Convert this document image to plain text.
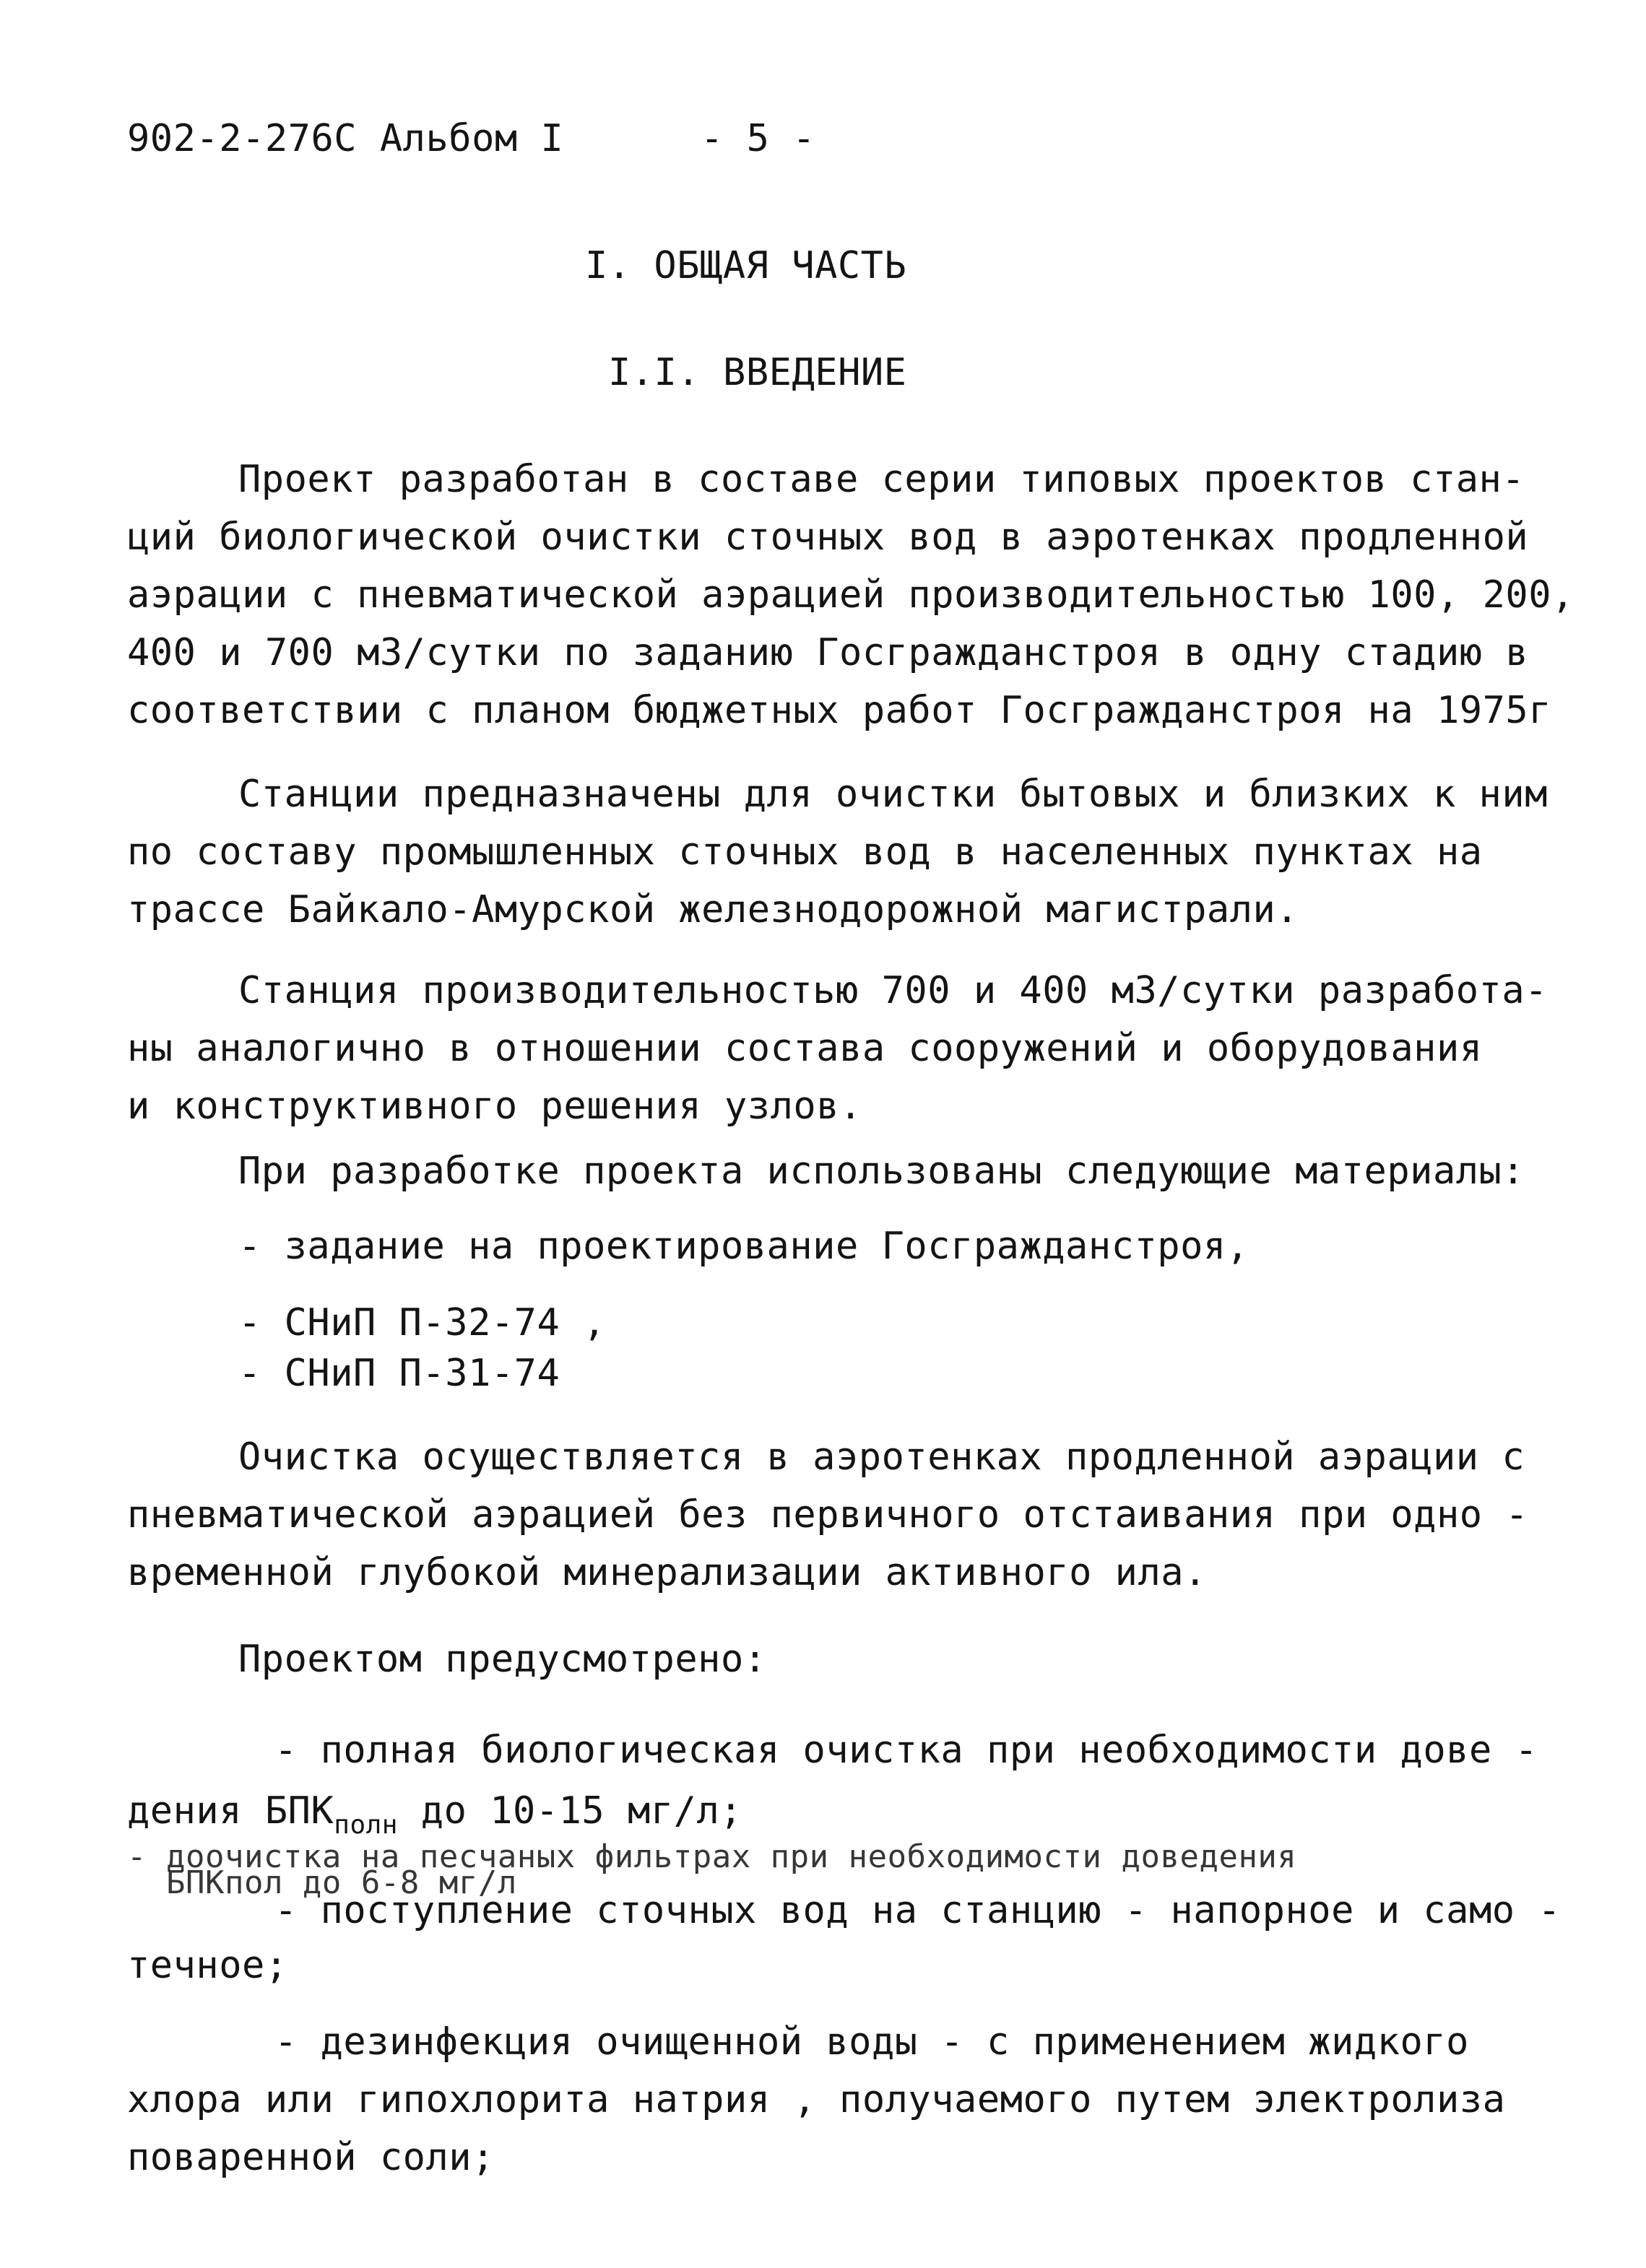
902-2-276С Альбом I	- 5 -
I. ОБЩАЯ ЧАСТЬ
I.I. ВВЕДЕНИЕ
Проект разработан в составе серии типовых проектов стан-
ций биологической очистки сточных вод в аэротенках продленной
аэрации с пневматической аэрацией производительностью 100, 200,
400 и 700 м3/сутки по заданию Госгражданстроя в одну стадию в
соответствии с планом бюджетных работ Госгражданстроя на 1975г
Станции предназначены для очистки бытовых и близких к ним
по составу промышленных сточных вод в населенных пунктах на
трассе Байкало-Амурской железнодорожной магистрали.
Станция производительностью 700 и 400 м3/сутки разработа-
ны аналогично в отношении состава сооружений и оборудования
и конструктивного решения узлов.
При разработке проекта использованы следующие материалы:
- задание на проектирование Госгражданстроя,
- СНиП П-32-74 ,
- СНиП П-31-74
Очистка осуществляется в аэротенках продленной аэрации с
пневматической аэрацией без первичного отстаивания при одно -
временной глубокой минерализации активного ила.
Проектом предусмотрено:
- полная биологическая очистка при необходимости дове -
дения $БПК_{полн}$ до 10-15 мг/л;
- доочистка на песчаных фильтрах при необходимости доведения
БПКпол до 6-8 мг/л
- поступление сточных вод на станцию - напорное и само -
течное;
- дезинфекция очищенной воды - с применением жидкого
хлора или гипохлорита натрия , получаемого путем электролиза
поваренной соли;
